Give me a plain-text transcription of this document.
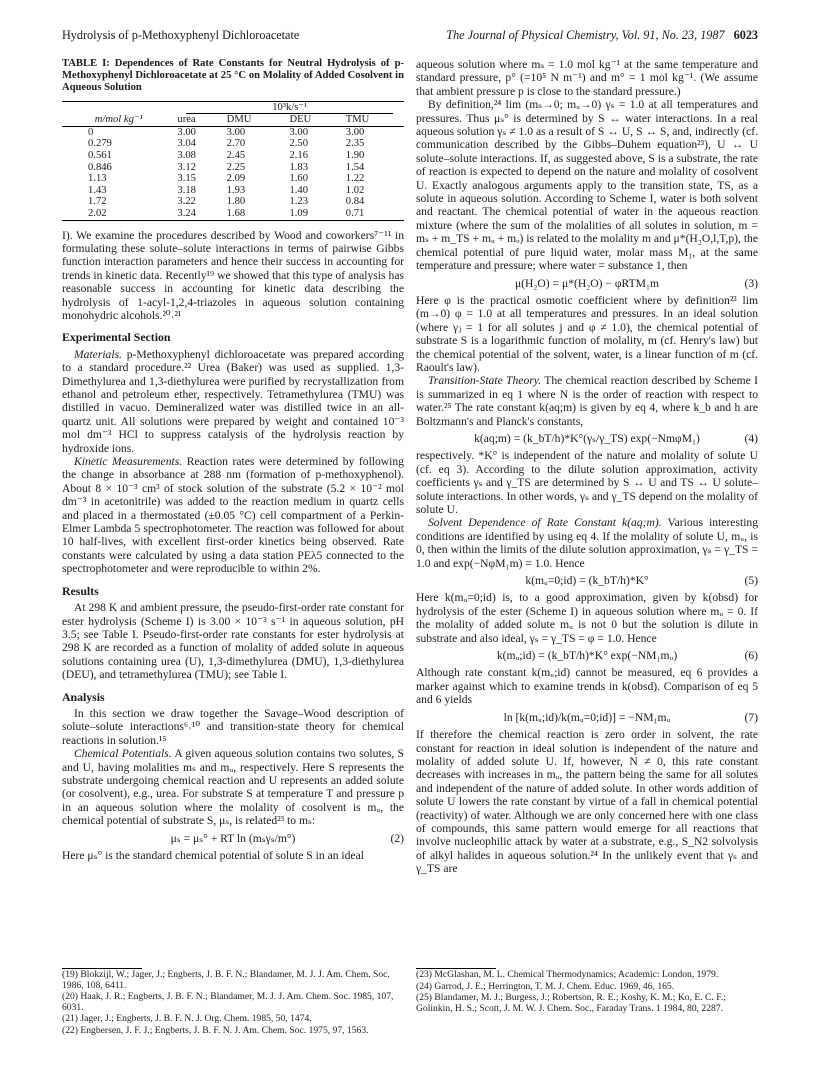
Hydrolysis of p-Methoxyphenyl Dichloroacetate	The Journal of Physical Chemistry, Vol. 91, No. 23, 1987 6023

TABLE I: Dependences of Rate Constants for Neutral Hydrolysis of p-Methoxyphenyl Dichloroacetate at 25 °C on Molality of Added Cosolvent in Aqueous Solution

	10³k/s⁻¹			
m/mol kg⁻¹	urea	DMU	DEU	TMU
0	3.00	3.00	3.00	3.00
0.279	3.04	2.70	2.50	2.35
0.561	3.08	2.45	2.16	1.90
0.846	3.12	2.25	1.83	1.54
1.13	3.15	2.09	1.60	1.22
1.43	3.18	1.93	1.40	1.02
1.72	3.22	1.80	1.23	0.84
2.02	3.24	1.68	1.09	0.71

I). We examine the procedures described by Wood and coworkers⁷⁻¹¹ in formulating these solute–solute interactions in terms of pairwise Gibbs function interaction parameters and hence their success in accounting for trends in kinetic data. Recently¹⁹ we showed that this type of analysis has reasonable success in accounting for kinetic data describing the hydrolysis of 1-acyl-1,2,4-triazoles in aqueous solution containing monohydric alcohols.²⁰˒²¹

Experimental Section

Materials. p-Methoxyphenyl dichloroacetate was prepared according to a standard procedure.²² Urea (Baker) was used as supplied. 1,3-Dimethylurea and 1,3-diethylurea were purified by recrystallization from ethanol and petroleum ether, respectively. Tetramethylurea (TMU) was distilled in vacuo. Demineralized water was distilled twice in an all-quartz unit. All solutions were prepared by weight and contained 10⁻³ mol dm⁻³ HCl to suppress catalysis of the hydrolysis reaction by hydroxide ions.

Kinetic Measurements. Reaction rates were determined by following the change in absorbance at 288 nm (formation of p-methoxyphenol). About 8 × 10⁻³ cm³ of stock solution of the substrate (5.2 × 10⁻² mol dm⁻³ in acetonitrile) was added to the reaction medium in quartz cells and placed in a thermostated (±0.05 °C) cell compartment of a Perkin-Elmer Lambda 5 spectrophotometer. The reaction was followed for about 10 half-lives, with excellent first-order kinetics being observed. Rate constants were calculated by using a data station PEλ5 connected to the spectrophotometer and were reproducible to within 2%.

Results

At 298 K and ambient pressure, the pseudo-first-order rate constant for ester hydrolysis (Scheme I) is 3.00 × 10⁻³ s⁻¹ in aqueous solution, pH 3.5; see Table I. Pseudo-first-order rate constants for ester hydrolysis at 298 K are recorded as a function of molality of added solute in aqueous solutions containing urea (U), 1,3-dimethylurea (DMU), 1,3-diethylurea (DEU), and tetramethylurea (TMU); see Table I.

Analysis

In this section we draw together the Savage–Wood description of solute–solute interactions⁶˒¹⁰ and transition-state theory for chemical reactions in solution.¹⁵

Chemical Potentials. A given aqueous solution contains two solutes, S and U, having molalities mₛ and mᵤ, respectively. Here S represents the substrate undergoing chemical reaction and U represents an added solute (or cosolvent), e.g., urea. For substrate S at temperature T and pressure p in an aqueous solution where the molality of cosolvent is mᵤ, the chemical potential of substrate S, μₛ, is related²³ to mₛ:

μₛ = μₛ° + RT ln (mₛγₛ/m°)	(2)

Here μₛ° is the standard chemical potential of solute S in an ideal

aqueous solution where mₛ = 1.0 mol kg⁻¹ at the same temperature and standard pressure, p° (=10⁵ N m⁻¹) and m° = 1 mol kg⁻¹. (We assume that ambient pressure p is close to the standard pressure.)

By definition,²⁴ lim (mₛ→0; mᵤ→0) γₛ = 1.0 at all temperatures and pressures. Thus μₛ° is determined by S ↔ water interactions. In a real aqueous solution γₛ ≠ 1.0 as a result of S ↔ U, S ↔ S, and, indirectly (cf. communication described by the Gibbs–Duhem equation²³), U ↔ U solute–solute interactions. If, as suggested above, S is a substrate, the rate of reaction is expected to depend on the nature and molality of cosolvent U. Exactly analogous arguments apply to the transition state, TS, as a solute in aqueous solution. According to Scheme I, water is both solvent and reactant. The chemical potential of water in the aqueous reaction mixture (where the sum of the molalities of all solutes in solution, m = mₛ + m_TS + mᵤ + mₒ) is related to the molality m and μ*(H₂O,l,T,p), the chemical potential of pure liquid water, molar mass M₁, at the same temperature and pressure; where water = substance 1, then

μ(H₂O) = μ*(H₂O) − φRTM₁m	(3)

Here φ is the practical osmotic coefficient where by definition²³ lim (m→0) φ = 1.0 at all temperatures and pressures. In an ideal solution (where γⱼ = 1 for all solutes j and φ ≠ 1.0), the chemical potential of substrate S is a logarithmic function of molality, m (cf. Henry's law) but the chemical potential of the solvent, water, is a linear function of m (cf. Raoult's law).

Transition-State Theory. The chemical reaction described by Scheme I is summarized in eq 1 where N is the order of reaction with respect to water.²⁵ The rate constant k(aq;m) is given by eq 4, where k_b and h are Boltzmann's and Planck's constants,

k(aq;m) = (k_bT/h)*K°(γₛ/γ_TS) exp(−NmφM₁)	(4)

respectively. *K° is independent of the nature and molality of solute U (cf. eq 3). According to the dilute solution approximation, activity coefficients γₛ and γ_TS are determined by S ↔ U and TS ↔ U solute–solute interactions. In other words, γₛ and γ_TS depend on the molality of solute U.

Solvent Dependence of Rate Constant k(aq;m). Various interesting conditions are identified by using eq 4. If the molality of solute U, mᵤ, is 0, then within the limits of the dilute solution approximation, γₛ = γ_TS = 1.0 and exp(−NφM₁m) = 1.0. Hence

k(mᵤ=0;id) = (k_bT/h)*K°	(5)

Here k(mᵤ=0;id) is, to a good approximation, given by k(obsd) for hydrolysis of the ester (Scheme I) in aqueous solution where mᵤ = 0. If the molality of added solute mᵤ is not 0 but the solution is dilute in substrate and also ideal, γₛ = γ_TS = φ = 1.0. Hence

k(mᵤ;id) = (k_bT/h)*K° exp(−NM₁mᵤ)	(6)

Although rate constant k(mᵤ;id) cannot be measured, eq 6 provides a marker against which to examine trends in k(obsd). Comparison of eq 5 and 6 yields

ln [k(mᵤ;id)/k(mᵤ=0;id)] = −NM₁mᵤ	(7)

If therefore the chemical reaction is zero order in solvent, the rate constant for reaction in ideal solution is independent of the nature and molality of added solute U. If, however, N ≠ 0, this rate constant decreases with increases in mᵤ, the pattern being the same for all solutes and independent of the nature of added solute. In other words addition of solute U lowers the rate constant by virtue of a fall in chemical potential (reactivity) of water. Although we are only concerned here with one class of compounds, this same pattern would emerge for all reactions that involve nucleophilic attack by water at a substrate, e.g., S_N2 solvolysis of alkyl halides in aqueous solution.²⁴ In the unlikely event that γₛ and γ_TS are

(19) Blokzijl, W.; Jager, J.; Engberts, J. B. F. N.; Blandamer, M. J. J. Am. Chem. Soc. 1986, 108, 6411.
(20) Haak, J. R.; Engberts, J. B. F. N.; Blandamer, M. J. J. Am. Chem. Soc. 1985, 107, 6031.
(21) Jager, J.; Engberts, J. B. F. N. J. Org. Chem. 1985, 50, 1474.
(22) Engbersen, J. F. J.; Engberts, J. B. F. N. J. Am. Chem. Soc. 1975, 97, 1563.
(23) McGlashan, M. L. Chemical Thermodynamics; Academic: London, 1979.
(24) Garrod, J. E.; Herrington, T. M. J. Chem. Educ. 1969, 46, 165.
(25) Blandamer, M. J.; Burgess, J.; Robertson, R. E.; Koshy, K. M.; Ko, E. C. F.; Golinkin, H. S.; Scott, J. M. W. J. Chem. Soc., Faraday Trans. 1 1984, 80, 2287.
